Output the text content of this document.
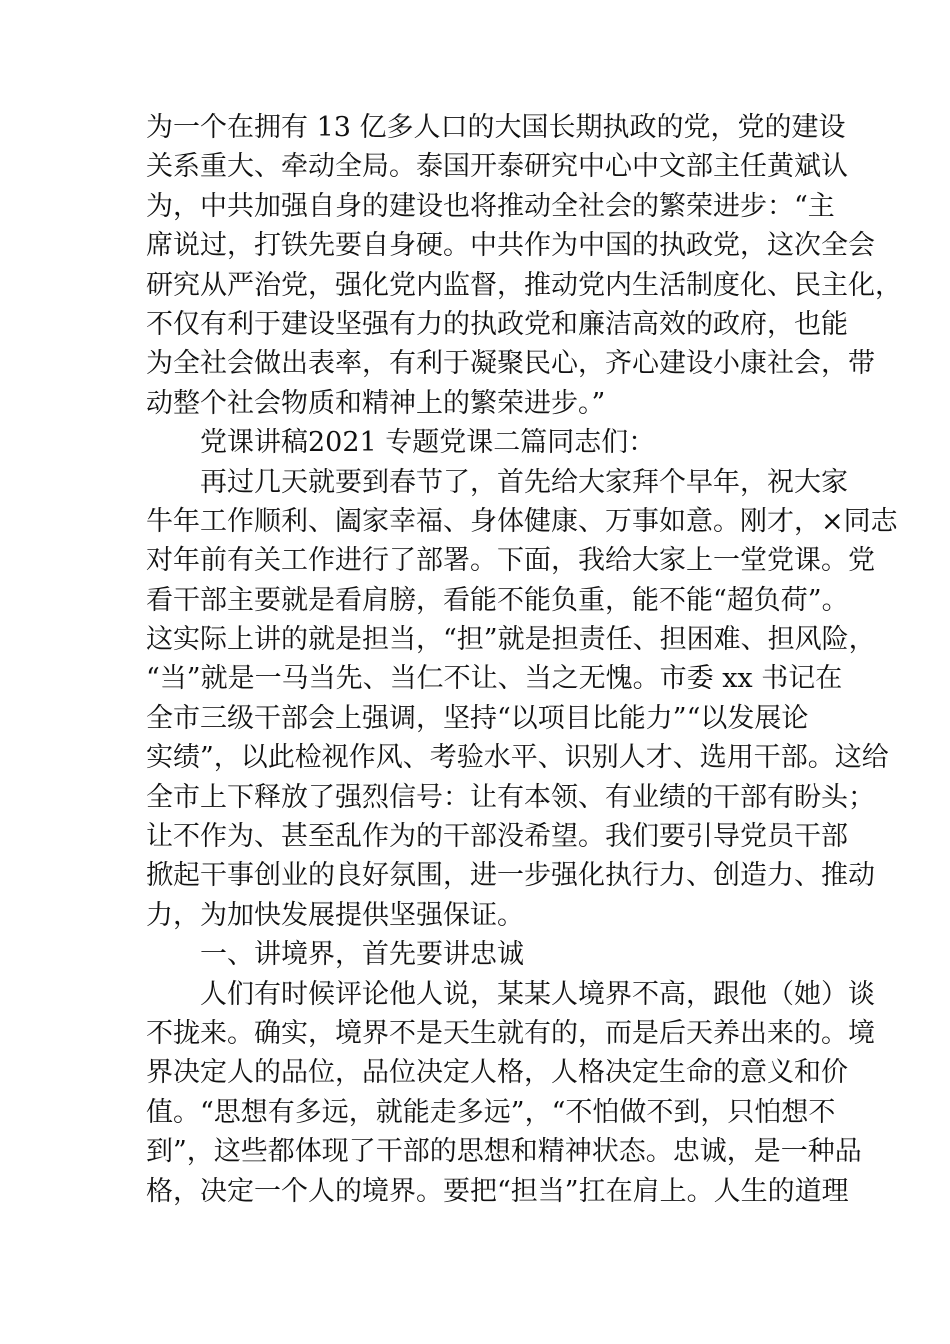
为一个在拥有 13 亿多人口的大国长期执政的党，党的建设
关系重大、牵动全局。泰国开泰研究中心中文部主任黄斌认
为，中共加强自身的建设也将推动全社会的繁荣进步：“主
席说过，打铁先要自身硬。中共作为中国的执政党，这次全会
研究从严治党，强化党内监督，推动党内生活制度化、民主化，
不仅有利于建设坚强有力的执政党和廉洁高效的政府，也能
为全社会做出表率，有利于凝聚民心，齐心建设小康社会，带
动整个社会物质和精神上的繁荣进步。”
党课讲稿2021 专题党课二篇同志们：
再过几天就要到春节了，首先给大家拜个早年，祝大家
牛年工作顺利、阖家幸福、身体健康、万事如意。刚才，×同志
对年前有关工作进行了部署。下面，我给大家上一堂党课。党
看干部主要就是看肩膀，看能不能负重，能不能“超负荷”。
这实际上讲的就是担当，“担”就是担责任、担困难、担风险，
“当”就是一马当先、当仁不让、当之无愧。市委 xx 书记在
全市三级干部会上强调，坚持“以项目比能力”“以发展论
实绩”，以此检视作风、考验水平、识别人才、选用干部。这给
全市上下释放了强烈信号：让有本领、有业绩的干部有盼头；
让不作为、甚至乱作为的干部没希望。我们要引导党员干部
掀起干事创业的良好氛围，进一步强化执行力、创造力、推动
力，为加快发展提供坚强保证。
一、讲境界，首先要讲忠诚
人们有时候评论他人说，某某人境界不高，跟他（她）谈
不拢来。确实，境界不是天生就有的，而是后天养出来的。境
界决定人的品位，品位决定人格，人格决定生命的意义和价
值。“思想有多远，就能走多远”，“不怕做不到，只怕想不
到”，这些都体现了干部的思想和精神状态。忠诚，是一种品
格，决定一个人的境界。要把“担当”扛在肩上。人生的道理
